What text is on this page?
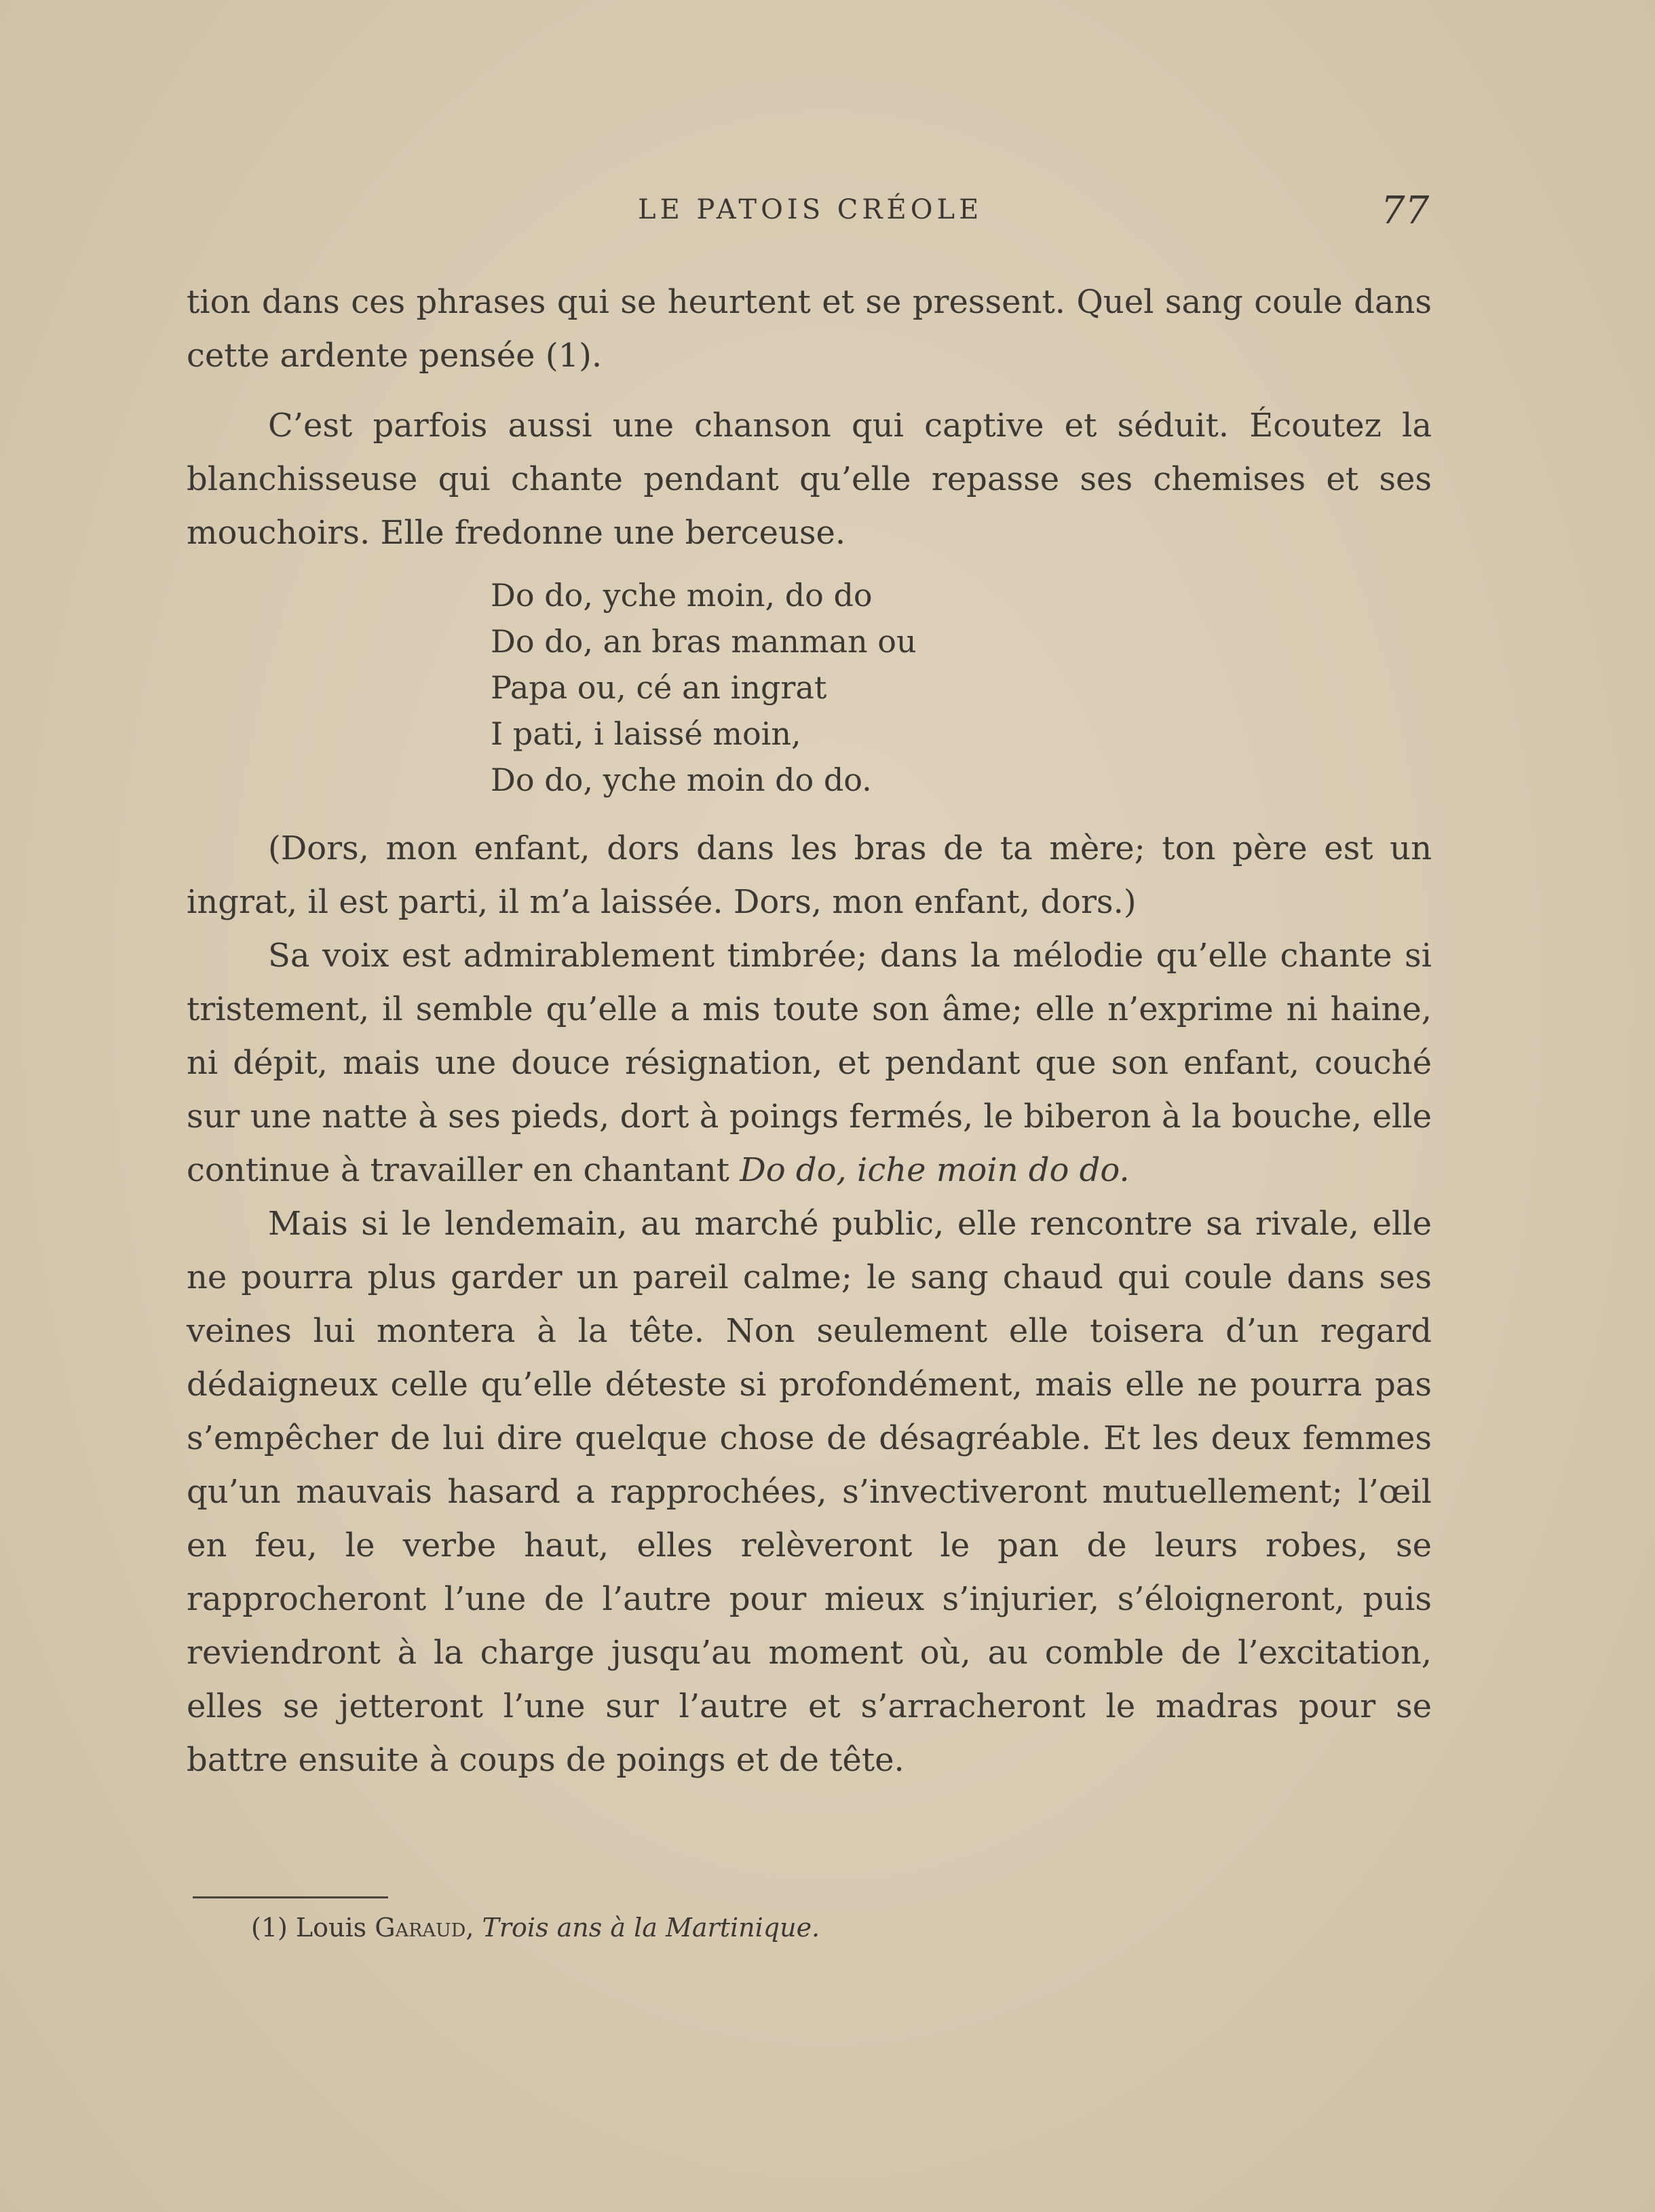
LE PATOIS CRÉOLE	77

tion dans ces phrases qui se heurtent et se pressent. Quel sang coule dans cette ardente pensée (1).

C’est parfois aussi une chanson qui captive et séduit. Écoutez la blanchisseuse qui chante pendant qu’elle repasse ses chemises et ses mouchoirs. Elle fredonne une berceuse.

Do do, yche moin, do do
Do do, an bras manman ou
Papa ou, cé an ingrat
I pati, i laissé moin,
Do do, yche moin do do.

(Dors, mon enfant, dors dans les bras de ta mère; ton père est un ingrat, il est parti, il m’a laissée. Dors, mon enfant, dors.)

Sa voix est admirablement timbrée; dans la mélodie qu’elle chante si tristement, il semble qu’elle a mis toute son âme; elle n’exprime ni haine, ni dépit, mais une douce résignation, et pendant que son enfant, couché sur une natte à ses pieds, dort à poings fermés, le biberon à la bouche, elle continue à travailler en chantant Do do, iche moin do do.

Mais si le lendemain, au marché public, elle rencontre sa rivale, elle ne pourra plus garder un pareil calme; le sang chaud qui coule dans ses veines lui montera à la tête. Non seulement elle toisera d’un regard dédaigneux celle qu’elle déteste si profondément, mais elle ne pourra pas s’empêcher de lui dire quelque chose de désagréable. Et les deux femmes qu’un mauvais hasard a rapprochées, s’invectiveront mutuellement; l’œil en feu, le verbe haut, elles relèveront le pan de leurs robes, se rapprocheront l’une de l’autre pour mieux s’injurier, s’éloigneront, puis reviendront à la charge jusqu’au moment où, au comble de l’excitation, elles se jetteront l’une sur l’autre et s’arracheront le madras pour se battre ensuite à coups de poings et de tête.

(1) Louis Garaud, Trois ans à la Martinique.
